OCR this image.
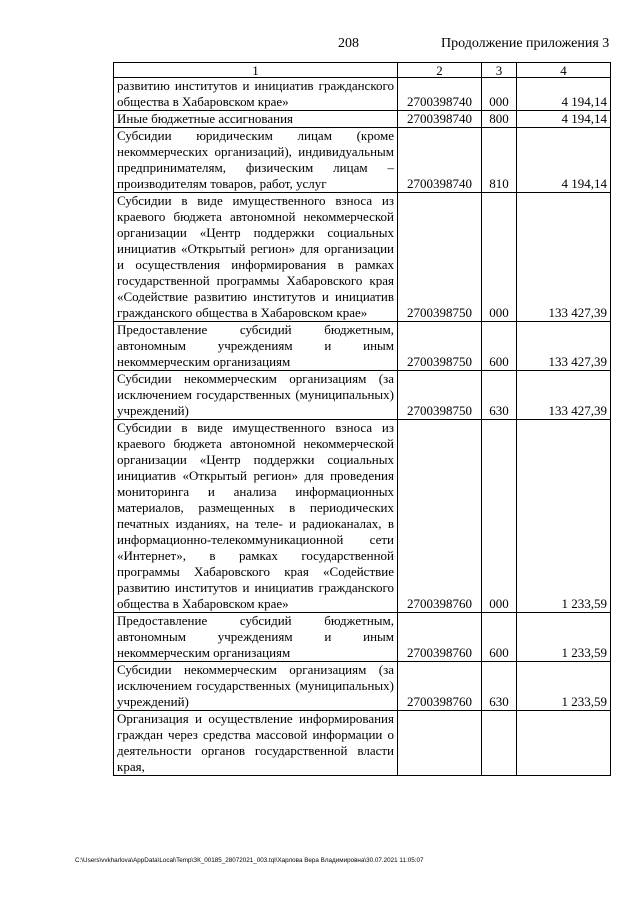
208	Продолжение приложения 3
1	2	3	4
развитию институтов и инициатив гражданского общества в Хабаровском крае»	2700398740	000	4 194,14
Иные бюджетные ассигнования	2700398740	800	4 194,14
Субсидии юридическим лицам (кроме некоммерческих организаций), индивидуальным предпринимателям, физическим лицам – производителям товаров, работ, услуг	2700398740	810	4 194,14
Субсидии в виде имущественного взноса из краевого бюджета автономной некоммерческой организации «Центр поддержки социальных инициатив «Открытый регион» для организации и осуществления информирования в рамках государственной программы Хабаровского края «Содействие развитию институтов и инициатив гражданского общества в Хабаровском крае»	2700398750	000	133 427,39
Предоставление субсидий бюджетным, автономным учреждениям и иным некоммерческим организациям	2700398750	600	133 427,39
Субсидии некоммерческим организациям (за исключением государственных (муниципальных) учреждений)	2700398750	630	133 427,39
Субсидии в виде имущественного взноса из краевого бюджета автономной некоммерческой организации «Центр поддержки социальных инициатив «Открытый регион» для проведения мониторинга и анализа информационных материалов, размещенных в периодических печатных изданиях, на теле- и радиоканалах, в информационно-телекоммуникационной сети «Интернет», в рамках государственной программы Хабаровского края «Содействие развитию институтов и инициатив гражданского общества в Хабаровском крае»	2700398760	000	1 233,59
Предоставление субсидий бюджетным, автономным учреждениям и иным некоммерческим организациям	2700398760	600	1 233,59
Субсидии некоммерческим организациям (за исключением государственных (муниципальных) учреждений)	2700398760	630	1 233,59
Организация и осуществление информирования граждан через средства массовой информации о деятельности органов государственной власти края,			
C:\Users\vvkharlova\AppData\Local\Temp\ЗК_00185_28072021_003.tql\Харлова Вера Владимировна\30.07.2021 11:05:07
